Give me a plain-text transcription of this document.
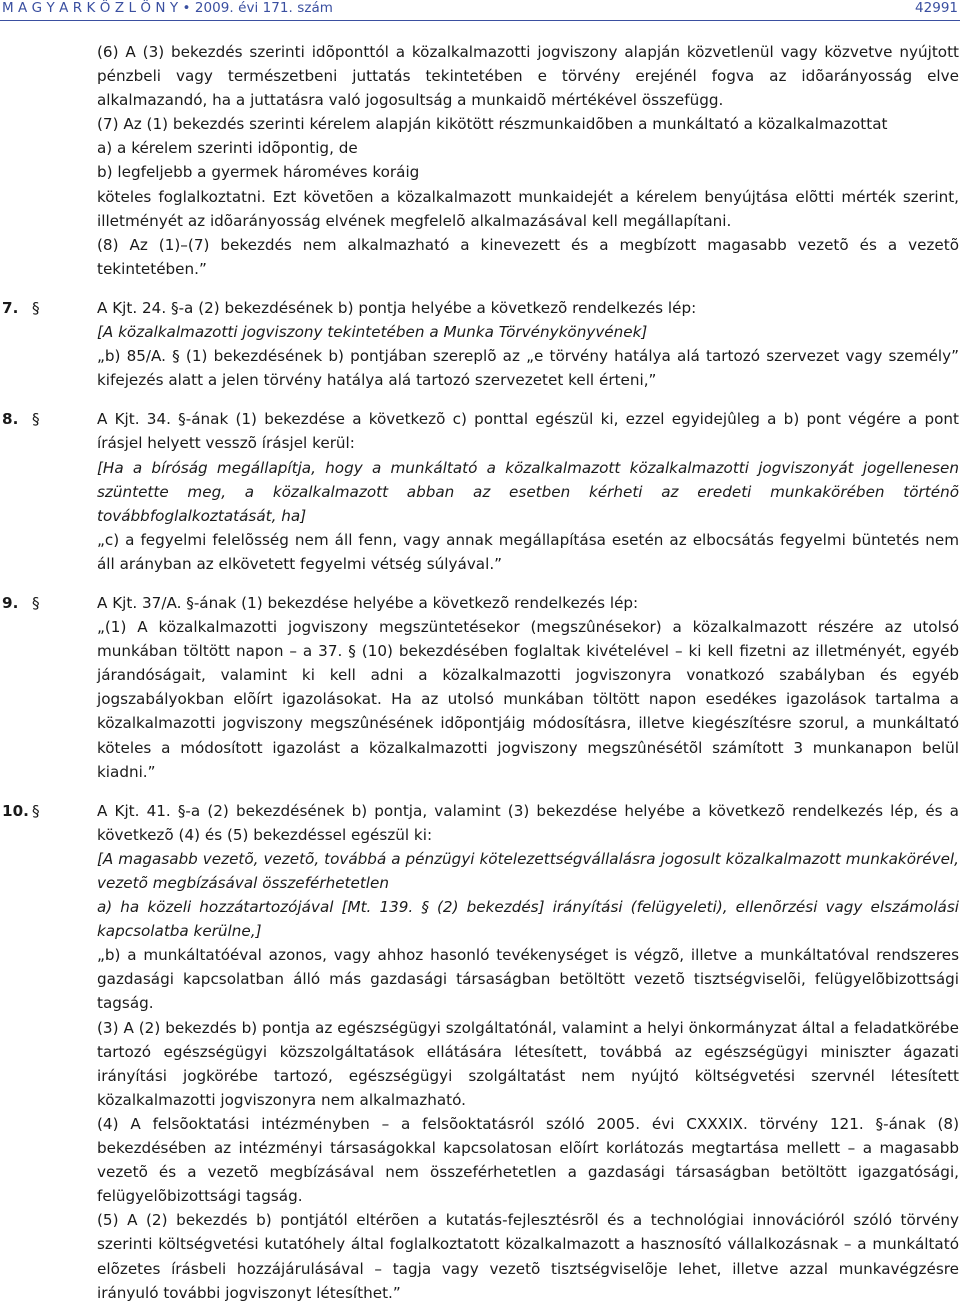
M A G Y A R K Ö Z L Ö N Y • 2009. évi 171. szám	42991
(6) A (3) bekezdés szerinti idõponttól a közalkalmazotti jogviszony alapján közvetlenül vagy közvetve nyújtott pénzbeli vagy természetbeni juttatás tekintetében e törvény erejénél fogva az idõarányosság elve alkalmazandó, ha a juttatásra való jogosultság a munkaidõ mértékével összefügg.
(7) Az (1) bekezdés szerinti kérelem alapján kikötött részmunkaidõben a munkáltató a közalkalmazottat
a) a kérelem szerinti idõpontig, de
b) legfeljebb a gyermek hároméves koráig
köteles foglalkoztatni. Ezt követõen a közalkalmazott munkaidejét a kérelem benyújtása elõtti mérték szerint, illetményét az idõarányosság elvének megfelelõ alkalmazásával kell megállapítani.
(8) Az (1)–(7) bekezdés nem alkalmazható a kinevezett és a megbízott magasabb vezetõ és a vezetõ tekintetében.”
7. §	A Kjt. 24. §-a (2) bekezdésének b) pontja helyébe a következõ rendelkezés lép:
[A közalkalmazotti jogviszony tekintetében a Munka Törvénykönyvének]
„b) 85/A. § (1) bekezdésének b) pontjában szereplõ az „e törvény hatálya alá tartozó szervezet vagy személy” kifejezés alatt a jelen törvény hatálya alá tartozó szervezetet kell érteni,”
8. §	A Kjt. 34. §-ának (1) bekezdése a következõ c) ponttal egészül ki, ezzel egyidejûleg a b) pont végére a pont írásjel helyett vesszõ írásjel kerül:
[Ha a bíróság megállapítja, hogy a munkáltató a közalkalmazott közalkalmazotti jogviszonyát jogellenesen szüntette meg, a közalkalmazott abban az esetben kérheti az eredeti munkakörében történõ továbbfoglalkoztatását, ha]
„c) a fegyelmi felelõsség nem áll fenn, vagy annak megállapítása esetén az elbocsátás fegyelmi büntetés nem áll arányban az elkövetett fegyelmi vétség súlyával.”
9. §	A Kjt. 37/A. §-ának (1) bekezdése helyébe a következõ rendelkezés lép:
„(1) A közalkalmazotti jogviszony megszüntetésekor (megszûnésekor) a közalkalmazott részére az utolsó munkában töltött napon – a 37. § (10) bekezdésében foglaltak kivételével – ki kell fizetni az illetményét, egyéb járandóságait, valamint ki kell adni a közalkalmazotti jogviszonyra vonatkozó szabályban és egyéb jogszabályokban elõírt igazolásokat. Ha az utolsó munkában töltött napon esedékes igazolások tartalma a közalkalmazotti jogviszony megszûnésének idõpontjáig módosításra, illetve kiegészítésre szorul, a munkáltató köteles a módosított igazolást a közalkalmazotti jogviszony megszûnésétõl számított 3 munkanapon belül kiadni.”
10. §	A Kjt. 41. §-a (2) bekezdésének b) pontja, valamint (3) bekezdése helyébe a következõ rendelkezés lép, és a következõ (4) és (5) bekezdéssel egészül ki:
[A magasabb vezetõ, vezetõ, továbbá a pénzügyi kötelezettségvállalásra jogosult közalkalmazott munkakörével, vezetõ megbízásával összeférhetetlen
a) ha közeli hozzátartozójával [Mt. 139. § (2) bekezdés] irányítási (felügyeleti), ellenõrzési vagy elszámolási kapcsolatba kerülne,]
„b) a munkáltatóéval azonos, vagy ahhoz hasonló tevékenységet is végzõ, illetve a munkáltatóval rendszeres gazdasági kapcsolatban álló más gazdasági társaságban betöltött vezetõ tisztségviselõi, felügyelõbizottsági tagság.
(3) A (2) bekezdés b) pontja az egészségügyi szolgáltatónál, valamint a helyi önkormányzat által a feladatkörébe tartozó egészségügyi közszolgáltatások ellátására létesített, továbbá az egészségügyi miniszter ágazati irányítási jogkörébe tartozó, egészségügyi szolgáltatást nem nyújtó költségvetési szervnél létesített közalkalmazotti jogviszonyra nem alkalmazható.
(4) A felsõoktatási intézményben – a felsõoktatásról szóló 2005. évi CXXXIX. törvény 121. §-ának (8) bekezdésében az intézményi társaságokkal kapcsolatosan elõírt korlátozás megtartása mellett – a magasabb vezetõ és a vezetõ megbízásával nem összeférhetetlen a gazdasági társaságban betöltött igazgatósági, felügyelõbizottsági tagság.
(5) A (2) bekezdés b) pontjától eltérõen a kutatás-fejlesztésrõl és a technológiai innovációról szóló törvény szerinti költségvetési kutatóhely által foglalkoztatott közalkalmazott a hasznosító vállalkozásnak – a munkáltató elõzetes írásbeli hozzájárulásával – tagja vagy vezetõ tisztségviselõje lehet, illetve azzal munkavégzésre irányuló további jogviszonyt létesíthet.”
